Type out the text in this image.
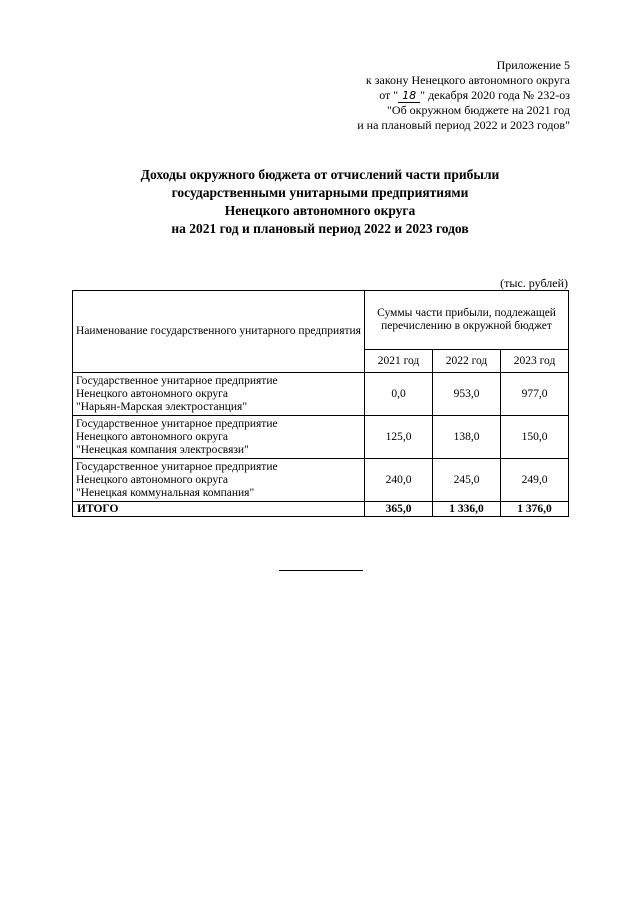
Приложение 5
к закону Ненецкого автономного округа
от " 18 " декабря 2020 года № 232-оз
"Об окружном бюджете на 2021 год
и на плановый период 2022 и 2023 годов"
Доходы окружного бюджета от отчислений части прибыли
государственными унитарными предприятиями
Ненецкого автономного округа
на 2021 год и плановый период 2022 и 2023 годов
(тыс. рублей)
Наименование государственного унитарного предприятия	Суммы части прибыли, подлежащей перечислению в окружной бюджет		
	2021 год	2022 год	2023 год

Государственное унитарное предприятие
Ненецкого автономного округа
"Нарьян-Марская электростанция"	0,0	953,0	977,0

Государственное унитарное предприятие
Ненецкого автономного округа
"Ненецкая компания электросвязи"	125,0	138,0	150,0

Государственное унитарное предприятие
Ненецкого автономного округа
"Ненецкая коммунальная компания"	240,0	245,0	249,0
ИТОГО	365,0	1 336,0	1 376,0
